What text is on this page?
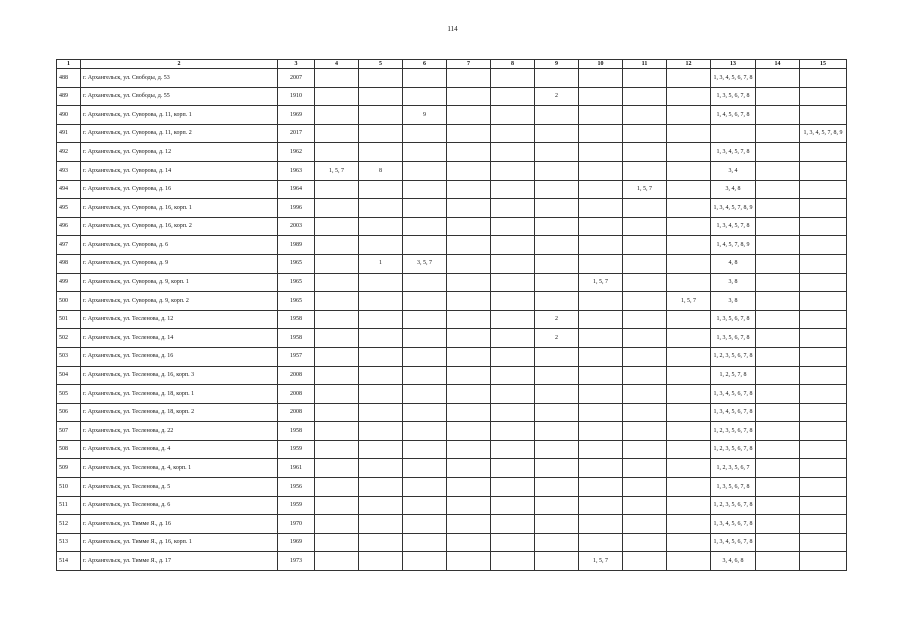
114
1	2	3	4	5	6	7	8	9	10	11	12	13	14	15
488	г. Архангельск, ул. Свободы, д. 53	2007										1, 3, 4, 5, 6, 7, 8		
489	г. Архангельск, ул. Свободы, д. 55	1910						2				1, 3, 5, 6, 7, 8		
490	г. Архангельск, ул. Суворова, д. 11, корп. 1	1969			9							1, 4, 5, 6, 7, 8		
491	г. Архангельск, ул. Суворова, д. 11, корп. 2	2017												1, 3, 4, 5, 7, 8, 9
492	г. Архангельск, ул. Суворова, д. 12	1962										1, 3, 4, 5, 7, 8		
493	г. Архангельск, ул. Суворова, д. 14	1963	1, 5, 7	8								3, 4		
494	г. Архангельск, ул. Суворова, д. 16	1964								1, 5, 7		3, 4, 8		
495	г. Архангельск, ул. Суворова, д. 16, корп. 1	1996										1, 3, 4, 5, 7, 8, 9		
496	г. Архангельск, ул. Суворова, д. 16, корп. 2	2003										1, 3, 4, 5, 7, 8		
497	г. Архангельск, ул. Суворова, д. 6	1989										1, 4, 5, 7, 8, 9		
498	г. Архангельск, ул. Суворова, д. 9	1965		1	3, 5, 7							4, 8		
499	г. Архангельск, ул. Суворова, д. 9, корп. 1	1965							1, 5, 7			3, 8		
500	г. Архангельск, ул. Суворова, д. 9, корп. 2	1965									1, 5, 7	3, 8		
501	г. Архангельск, ул. Тесленова, д. 12	1958						2				1, 3, 5, 6, 7, 8		
502	г. Архангельск, ул. Тесленова, д. 14	1958						2				1, 3, 5, 6, 7, 8		
503	г. Архангельск, ул. Тесленова, д. 16	1957										1, 2, 3, 5, 6, 7, 8		
504	г. Архангельск, ул. Тесленова, д. 16, корп. 3	2008										1, 2, 5, 7, 8		
505	г. Архангельск, ул. Тесленова, д. 18, корп. 1	2008										1, 3, 4, 5, 6, 7, 8		
506	г. Архангельск, ул. Тесленова, д. 18, корп. 2	2008										1, 3, 4, 5, 6, 7, 8		
507	г. Архангельск, ул. Тесленова, д. 22	1958										1, 2, 3, 5, 6, 7, 8		
508	г. Архангельск, ул. Тесленова, д. 4	1959										1, 2, 3, 5, 6, 7, 8		
509	г. Архангельск, ул. Тесленова, д. 4, корп. 1	1961										1, 2, 3, 5, 6, 7		
510	г. Архангельск, ул. Тесленова, д. 5	1956										1, 3, 5, 6, 7, 8		
511	г. Архангельск, ул. Тесленова, д. 6	1959										1, 2, 3, 5, 6, 7, 8		
512	г. Архангельск, ул. Тимме Я., д. 16	1970										1, 3, 4, 5, 6, 7, 8		
513	г. Архангельск, ул. Тимме Я., д. 16, корп. 1	1969										1, 3, 4, 5, 6, 7, 8		
514	г. Архангельск, ул. Тимме Я., д. 17	1973							1, 5, 7			3, 4, 6, 8		
